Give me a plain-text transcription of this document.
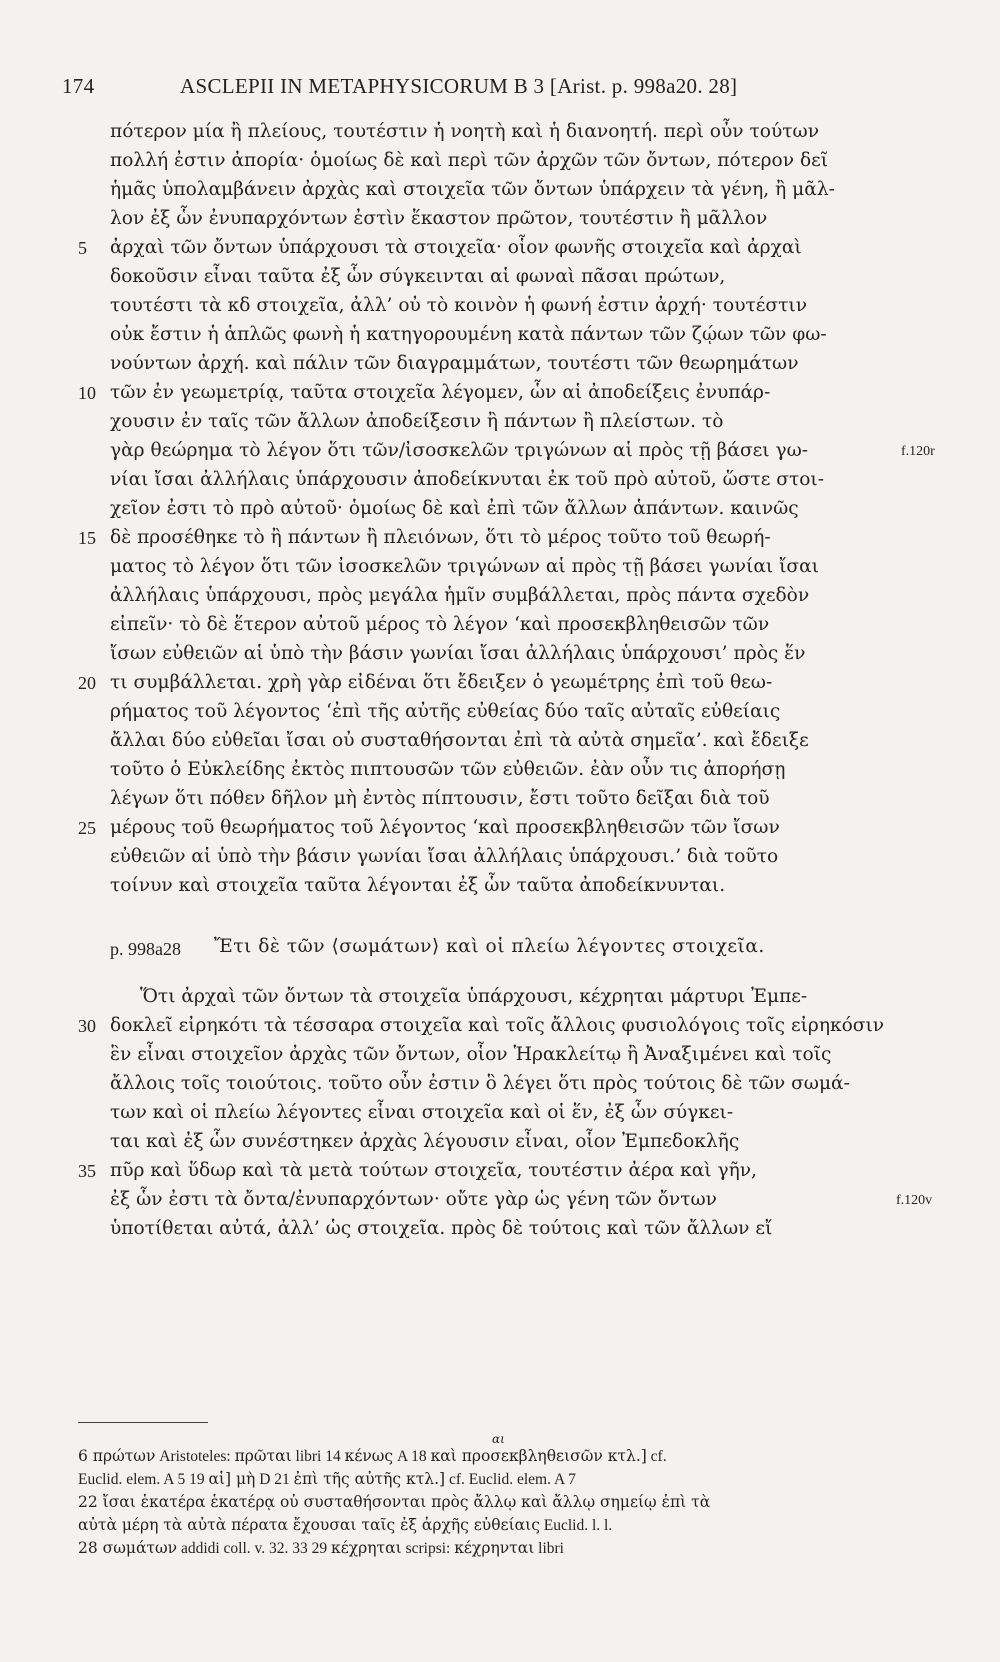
174	ASCLEPII IN METAPHYSICORUM B 3 [Arist. p. 998a20. 28]
πότερον μία ἢ πλείους, τουτέστιν ἡ νοητὴ καὶ ἡ διανοητή. περὶ οὖν τούτων
πολλή ἐστιν ἀπορία· ὁμοίως δὲ καὶ περὶ τῶν ἀρχῶν τῶν ὄντων, πότερον δεῖ
ἡμᾶς ὑπολαμβάνειν ἀρχὰς καὶ στοιχεῖα τῶν ὄντων ὑπάρχειν τὰ γένη, ἢ μᾶλ-
λον ἐξ ὧν ἐνυπαρχόντων ἐστὶν ἕκαστον πρῶτον, τουτέστιν ἢ μᾶλλον
ἀρχαὶ τῶν ὄντων ὑπάρχουσι τὰ στοιχεῖα· οἷον φωνῆς στοιχεῖα καὶ ἀρχαὶ
δοκοῦσιν εἶναι ταῦτα ἐξ ὧν σύγκεινται αἱ φωναὶ πᾶσαι πρώτων,
τουτέστι τὰ κδ στοιχεῖα, ἀλλ’ οὐ τὸ κοινὸν ἡ φωνή ἐστιν ἀρχή· τουτέστιν
οὐκ ἔστιν ἡ ἁπλῶς φωνὴ ἡ κατηγορουμένη κατὰ πάντων τῶν ζῴων τῶν φω-
νούντων ἀρχή. καὶ πάλιν τῶν διαγραμμάτων, τουτέστι τῶν θεωρημάτων
τῶν ἐν γεωμετρίᾳ, ταῦτα στοιχεῖα λέγομεν, ὧν αἱ ἀποδείξεις ἐνυπάρ-
χουσιν ἐν ταῖς τῶν ἄλλων ἀποδείξεσιν ἢ πάντων ἢ πλείστων. τὸ
γὰρ θεώρημα τὸ λέγον ὅτι τῶν/ἰσοσκελῶν τριγώνων αἱ πρὸς τῇ βάσει γω-
νίαι ἴσαι ἀλλήλαις ὑπάρχουσιν ἀποδείκνυται ἐκ τοῦ πρὸ αὐτοῦ, ὥστε στοι-
χεῖον ἐστι τὸ πρὸ αὐτοῦ· ὁμοίως δὲ καὶ ἐπὶ τῶν ἄλλων ἁπάντων. καινῶς
δὲ προσέθηκε τὸ ἢ πάντων ἢ πλειόνων, ὅτι τὸ μέρος τοῦτο τοῦ θεωρή-
ματος τὸ λέγον ὅτι τῶν ἰσοσκελῶν τριγώνων αἱ πρὸς τῇ βάσει γωνίαι ἴσαι
ἀλλήλαις ὑπάρχουσι, πρὸς μεγάλα ἡμῖν συμβάλλεται, πρὸς πάντα σχεδὸν
εἰπεῖν· τὸ δὲ ἕτερον αὐτοῦ μέρος τὸ λέγον ‘καὶ προσεκβληθεισῶν τῶν
ἴσων εὐθειῶν αἱ ὑπὸ τὴν βάσιν γωνίαι ἴσαι ἀλλήλαις ὑπάρχουσι’ πρὸς ἕν
τι συμβάλλεται. χρὴ γὰρ εἰδέναι ὅτι ἔδειξεν ὁ γεωμέτρης ἐπὶ τοῦ θεω-
ρήματος τοῦ λέγοντος ‘ἐπὶ τῆς αὐτῆς εὐθείας δύο ταῖς αὐταῖς εὐθείαις
ἄλλαι δύο εὐθεῖαι ἴσαι οὐ συσταθήσονται ἐπὶ τὰ αὐτὰ σημεῖα’. καὶ ἔδειξε
τοῦτο ὁ Εὐκλείδης ἐκτὸς πιπτουσῶν τῶν εὐθειῶν. ἐὰν οὖν τις ἀπορήσῃ
λέγων ὅτι πόθεν δῆλον μὴ ἐντὸς πίπτουσιν, ἔστι τοῦτο δεῖξαι διὰ τοῦ
μέρους τοῦ θεωρήματος τοῦ λέγοντος ‘καὶ προσεκβληθεισῶν τῶν ἴσων
εὐθειῶν αἱ ὑπὸ τὴν βάσιν γωνίαι ἴσαι ἀλλήλαις ὑπάρχουσι.’ διὰ τοῦτο
τοίνυν καὶ στοιχεῖα ταῦτα λέγονται ἐξ ὧν ταῦτα ἀποδείκνυνται.
p. 998a28 Ἔτι δὲ τῶν ⟨σωμάτων⟩ καὶ οἱ πλείω λέγοντες στοιχεῖα.
Ὅτι ἀρχαὶ τῶν ὄντων τὰ στοιχεῖα ὑπάρχουσι, κέχρηται μάρτυρι Ἐμπε-
δοκλεῖ εἰρηκότι τὰ τέσσαρα στοιχεῖα καὶ τοῖς ἄλλοις φυσιολόγοις τοῖς εἰρηκόσιν
ἓν εἶναι στοιχεῖον ἀρχὰς τῶν ὄντων, οἷον Ἡρακλείτῳ ἢ Ἀναξιμένει καὶ τοῖς
ἄλλοις τοῖς τοιούτοις. τοῦτο οὖν ἐστιν ὃ λέγει ὅτι πρὸς τούτοις δὲ τῶν σωμά-
των καὶ οἱ πλείω λέγοντες εἶναι στοιχεῖα καὶ οἱ ἕν, ἐξ ὧν σύγκει-
ται καὶ ἐξ ὧν συνέστηκεν ἀρχὰς λέγουσιν εἶναι, οἷον Ἐμπεδοκλῆς
πῦρ καὶ ὕδωρ καὶ τὰ μετὰ τούτων στοιχεῖα, τουτέστιν ἀέρα καὶ γῆν,
ἐξ ὧν ἐστι τὰ ὄντα/ἐνυπαρχόντων· οὔτε γὰρ ὡς γένη τῶν ὄντων
ὑποτίθεται αὐτά, ἀλλ’ ὡς στοιχεῖα. πρὸς δὲ τούτοις καὶ τῶν ἄλλων εἴ
5
10
15
20
25
30
35
f.120r
f.120v
αι
6 πρώτων Aristoteles: πρῶται libri 14 κένως A 18 καὶ προσεκβληθεισῶν κτλ.] cf.
Euclid. elem. A 5 19 αἱ] μὴ D 21 ἐπὶ τῆς αὐτῆς κτλ.] cf. Euclid. elem. A 7
22 ἴσαι ἑκατέρα ἑκατέρᾳ οὐ συσταθήσονται πρὸς ἄλλῳ καὶ ἄλλῳ σημείῳ ἐπὶ τὰ
αὐτὰ μέρη τὰ αὐτὰ πέρατα ἔχουσαι ταῖς ἐξ ἀρχῆς εὐθείαις Euclid. l. l.
28 σωμάτων addidi coll. v. 32. 33 29 κέχρηται scripsi: κέχρηνται libri
